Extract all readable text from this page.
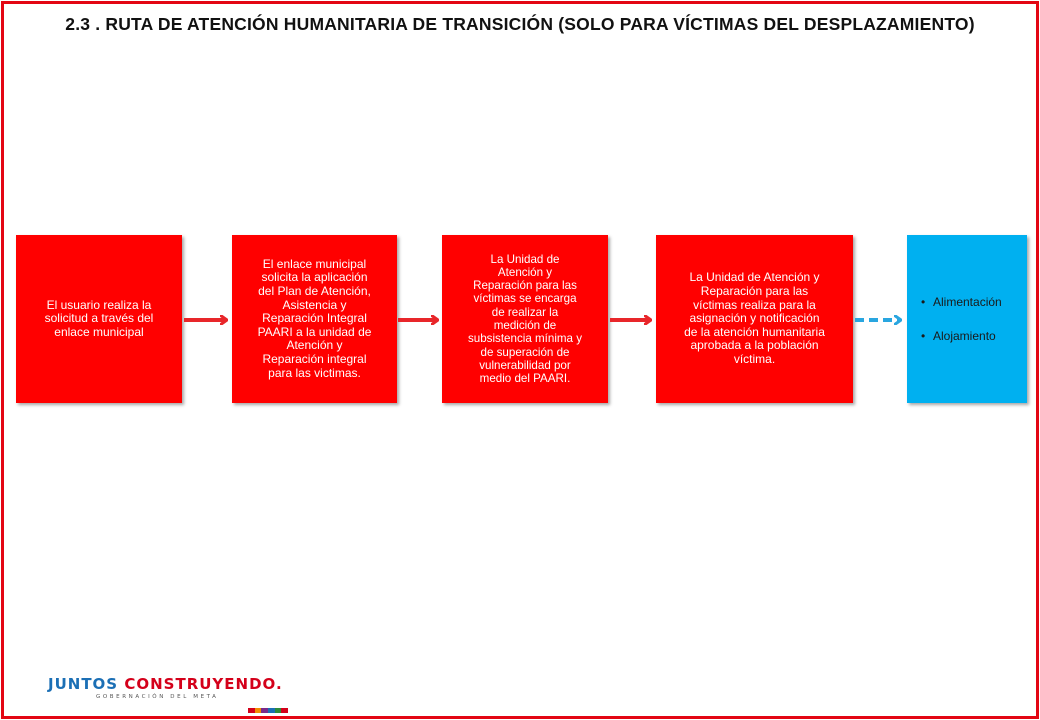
2.3 . RUTA DE ATENCIÓN HUMANITARIA DE TRANSICIÓN (SOLO PARA VÍCTIMAS DEL DESPLAZAMIENTO)
El usuario realiza la
solicitud a través del
enlace municipal
El enlace municipal
solicita la aplicación
del Plan de Atención,
Asistencia y
Reparación Integral
PAARI a la unidad de
Atención y
Reparación integral
para las victimas.
La Unidad de
Atención y
Reparación para las
víctimas se encarga
de realizar la
medición de
subsistencia mínima y
de superación de
vulnerabilidad por
medio del PAARI.
La Unidad de Atención y
Reparación para las
víctimas realiza para la
asignación y notificación
de la atención humanitaria
aprobada a la población
víctima.
• Alimentación
• Alojamiento
JUNTOS CONSTRUYENDO.
GOBERNACIÓN DEL META
